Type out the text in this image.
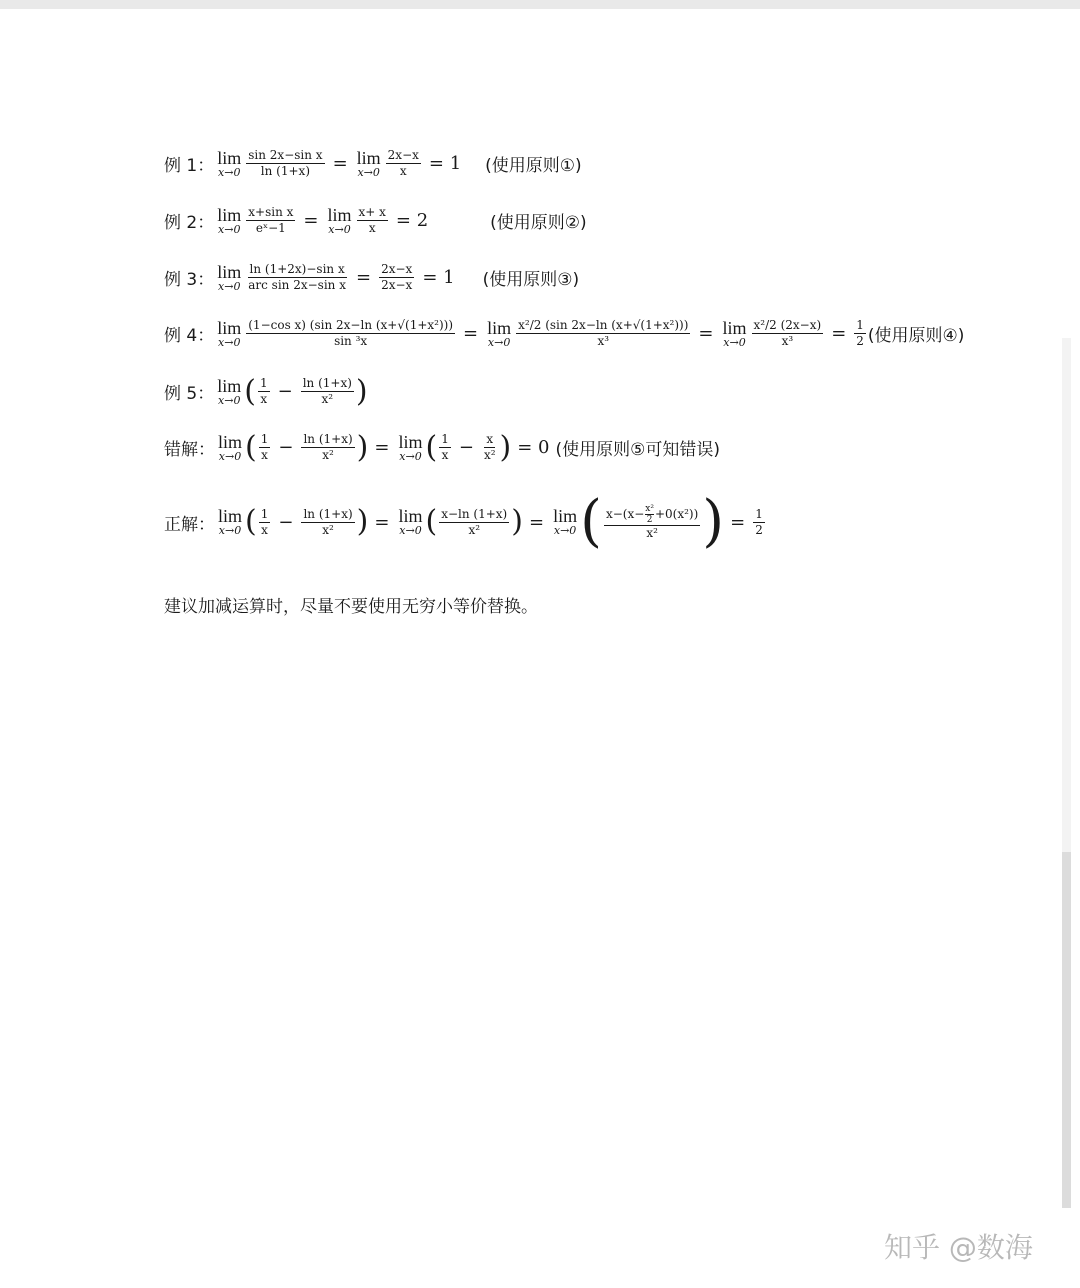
例 1： lim
$x\to 0 \frac{\text{sin 2x−sin x}}{\ln (1+x)} = \lim$
$x\to 0 \frac{2x-x}{x} = 1$ (使用原则①)
例 2： lim
$x\to 0 \frac{\text{x+sin x}}{\text{eˣ−1}} = \lim$
$x\to 0 \frac{x+ x}{x} = 2$	(使用原则②)
例 3： lim
$x\to 0 \frac{\text{ln (1+2x)−sin x}}{\text{arc sin 2x−sin x}} = \frac{2x-x}{2x-x} = 1$ (使用原则③)
例 4： lim
$x\to 0 \frac{\text{(1−cos x) (sin 2x−ln (x+√(1+x²)))}}{\text{sin ³x}} = \lim$
$x\to 0 \frac{\text{x²/2 (sin 2x−ln (x+√(1+x²)))}}{\text{x³}} = \lim$
$x\to 0 \frac{\text{x²/2 (2x−x)}}{\text{x³}} = \frac{1}{2}$ (使用原则④)
例 5： lim
x→0 ( $\frac{1}{x} - \frac{\ln (1+x)}{\text{x²}}$ )
错解： lim
x→0 ( $\frac{1}{x} - \frac{\ln (1+x)}{\text{x²}}$ ) = lim
x→0 ( $\frac{1}{x} - \frac{x}{\text{x²}}$ ) = 0 (使用原则⑤可知错误)
正解： lim
x→0 ( $\frac{1}{x} - \frac{\ln (1+x)}{\text{x²}}$ ) = lim
x→0 ( $\frac{x-\ln (1+x)}{\text{x²}}$ ) = lim
x→0 ( $\frac{x-(x- \frac{\text{x²}}{2} +0(x^2))}{\text{x²}}$ ) = $\frac{1}{2}$
建议加减运算时，尽量不要使用无穷小等价替换。
知乎 @数海
